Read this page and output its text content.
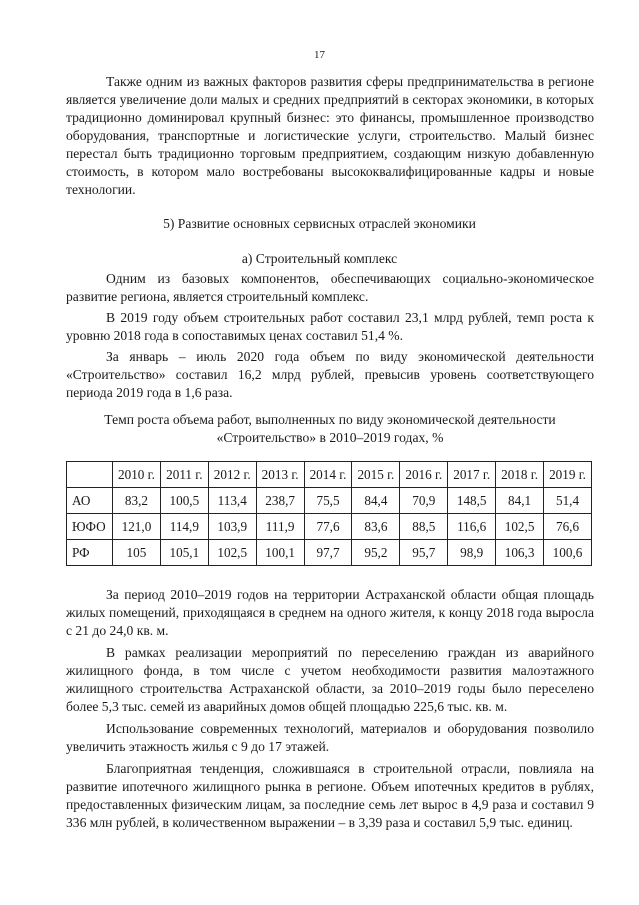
17

Также одним из важных факторов развития сферы предпринимательства в регионе является увеличение доли малых и средних предприятий в секторах экономики, в которых традиционно доминировал крупный бизнес: это финансы, промышленное производство оборудования, транспортные и логистические услуги, строительство. Малый бизнес перестал быть традиционно торговым предприятием, создающим низкую добавленную стоимость, в котором мало востребованы высококвалифицированные кадры и новые технологии.

5) Развитие основных сервисных отраслей экономики
а) Строительный комплекс

Одним из базовых компонентов, обеспечивающих социально-экономическое развитие региона, является строительный комплекс.

В 2019 году объем строительных работ составил 23,1 млрд рублей, темп роста к уровню 2018 года в сопоставимых ценах составил 51,4 %.

За январь – июль 2020 года объем по виду экономической деятельности «Строительство» составил 16,2 млрд рублей, превысив уровень соответствующего периода 2019 года в 1,6 раза.

Темп роста объема работ, выполненных по виду экономической деятельности
«Строительство» в 2010–2019 годах, %
	2010 г.	2011 г.	2012 г.	2013 г.	2014 г.	2015 г.	2016 г.	2017 г.	2018 г.	2019 г.
АО	83,2	100,5	113,4	238,7	75,5	84,4	70,9	148,5	84,1	51,4
ЮФО	121,0	114,9	103,9	111,9	77,6	83,6	88,5	116,6	102,5	76,6
РФ	105	105,1	102,5	100,1	97,7	95,2	95,7	98,9	106,3	100,6

За период 2010–2019 годов на территории Астраханской области общая площадь жилых помещений, приходящаяся в среднем на одного жителя, к концу 2018 года выросла с 21 до 24,0 кв. м.

В рамках реализации мероприятий по переселению граждан из аварийного жилищного фонда, в том числе с учетом необходимости развития малоэтажного жилищного строительства Астраханской области, за 2010–2019 годы было переселено более 5,3 тыс. семей из аварийных домов общей площадью 225,6 тыс. кв. м.

Использование современных технологий, материалов и оборудования позволило увеличить этажность жилья с 9 до 17 этажей.

Благоприятная тенденция, сложившаяся в строительной отрасли, повлияла на развитие ипотечного жилищного рынка в регионе. Объем ипотечных кредитов в рублях, предоставленных физическим лицам, за последние семь лет вырос в 4,9 раза и составил 9 336 млн рублей, в количественном выражении – в 3,39 раза и составил 5,9 тыс. единиц.
